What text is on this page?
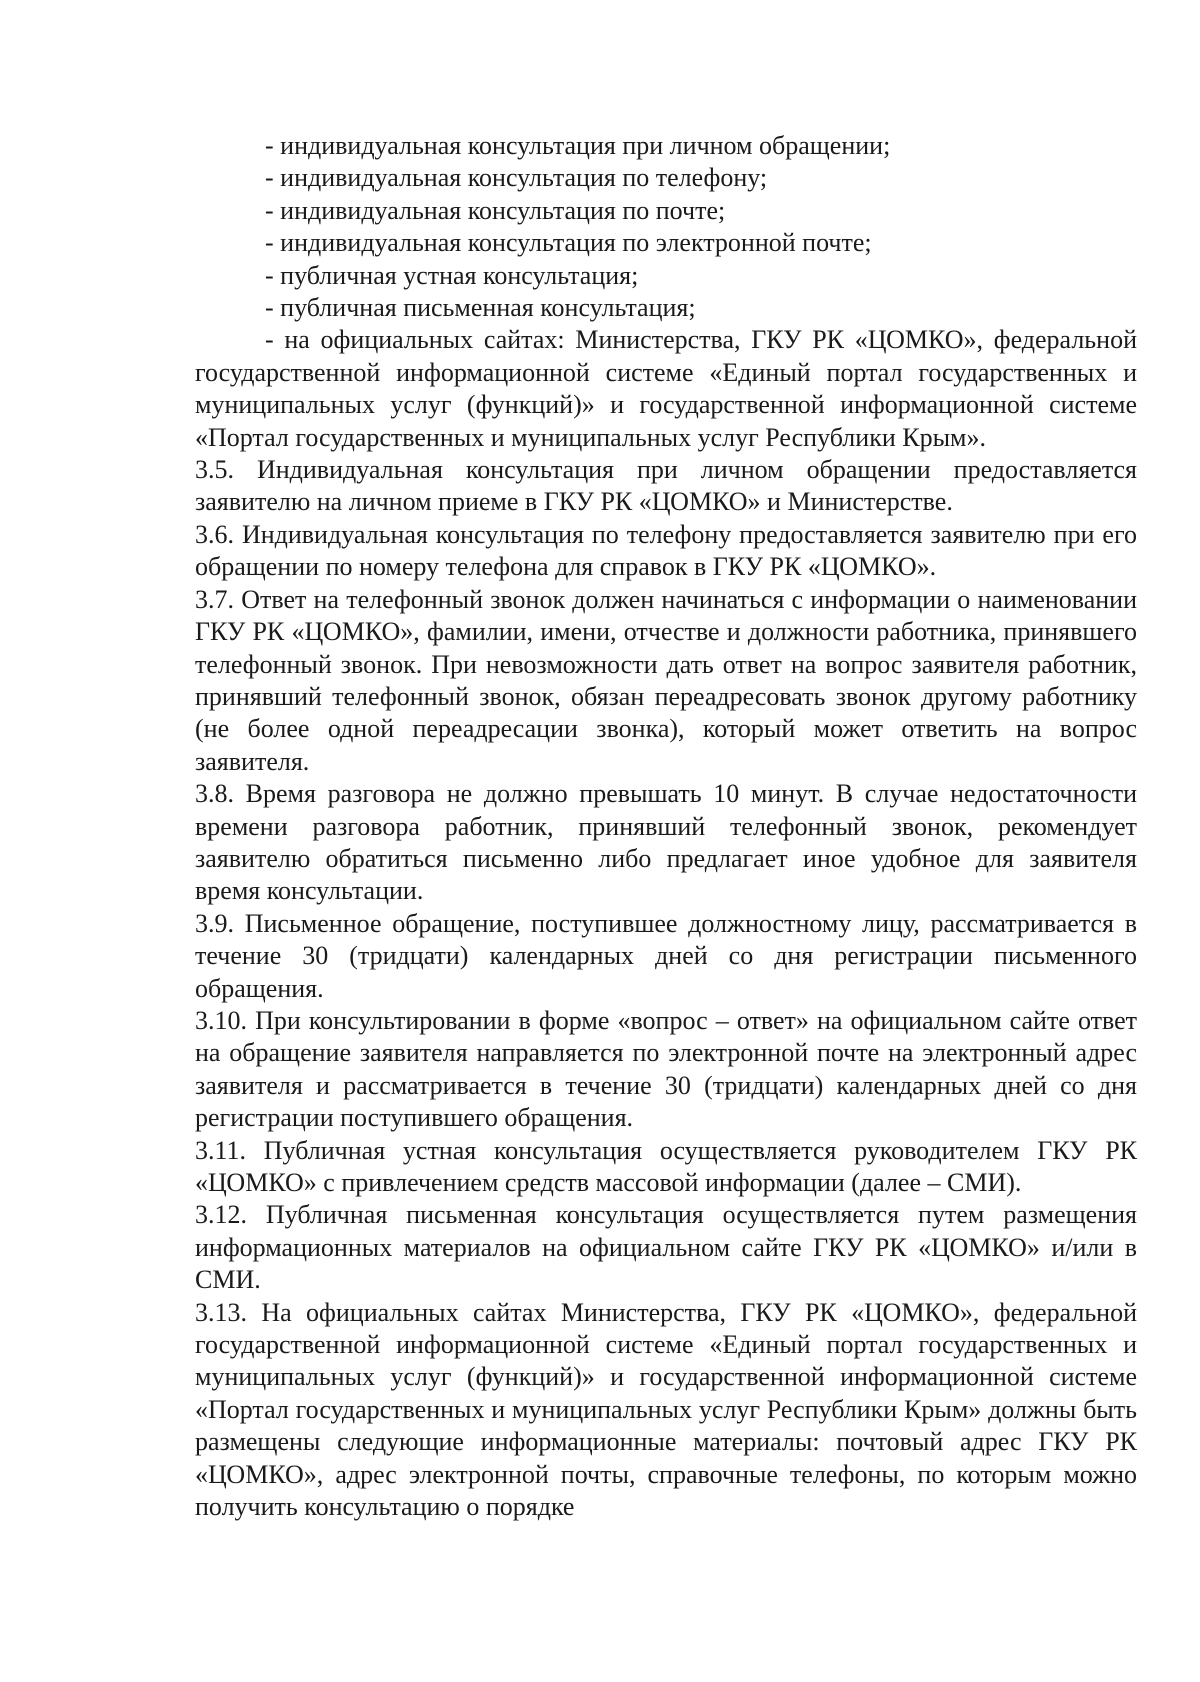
- индивидуальная консультация при личном обращении;

- индивидуальная консультация по телефону;

- индивидуальная консультация по почте;

- индивидуальная консультация по электронной почте;

- публичная устная консультация;

- публичная письменная консультация;

- на официальных сайтах: Министерства, ГКУ РК «ЦОМКО», федеральной государственной информационной системе «Единый портал государственных и муниципальных услуг (функций)» и государственной информационной системе «Портал государственных и муниципальных услуг Республики Крым».

3.5. Индивидуальная консультация при личном обращении предоставляется заявителю на личном приеме в ГКУ РК «ЦОМКО» и Министерстве.

3.6. Индивидуальная консультация по телефону предоставляется заявителю при его обращении по номеру телефона для справок в ГКУ РК «ЦОМКО».

3.7. Ответ на телефонный звонок должен начинаться с информации о наименовании ГКУ РК «ЦОМКО», фамилии, имени, отчестве и должности работника, принявшего телефонный звонок. При невозможности дать ответ на вопрос заявителя работник, принявший телефонный звонок, обязан переадресовать звонок другому работнику (не более одной переадресации звонка), который может ответить на вопрос заявителя.

3.8. Время разговора не должно превышать 10 минут. В случае недостаточности времени разговора работник, принявший телефонный звонок, рекомендует заявителю обратиться письменно либо предлагает иное удобное для заявителя время консультации.

3.9. Письменное обращение, поступившее должностному лицу, рассматривается в течение 30 (тридцати) календарных дней со дня регистрации письменного обращения.

3.10. При консультировании в форме «вопрос – ответ» на официальном сайте ответ на обращение заявителя направляется по электронной почте на электронный адрес заявителя и рассматривается в течение 30 (тридцати) календарных дней со дня регистрации поступившего обращения.

3.11. Публичная устная консультация осуществляется руководителем ГКУ РК «ЦОМКО» с привлечением средств массовой информации (далее – СМИ).

3.12. Публичная письменная консультация осуществляется путем размещения информационных материалов на официальном сайте ГКУ РК «ЦОМКО» и/или в СМИ.

3.13. На официальных сайтах Министерства, ГКУ РК «ЦОМКО», федеральной государственной информационной системе «Единый портал государственных и муниципальных услуг (функций)» и государственной информационной системе «Портал государственных и муниципальных услуг Республики Крым» должны быть размещены следующие информационные материалы: почтовый адрес ГКУ РК «ЦОМКО», адрес электронной почты, справочные телефоны, по которым можно получить консультацию о порядке
